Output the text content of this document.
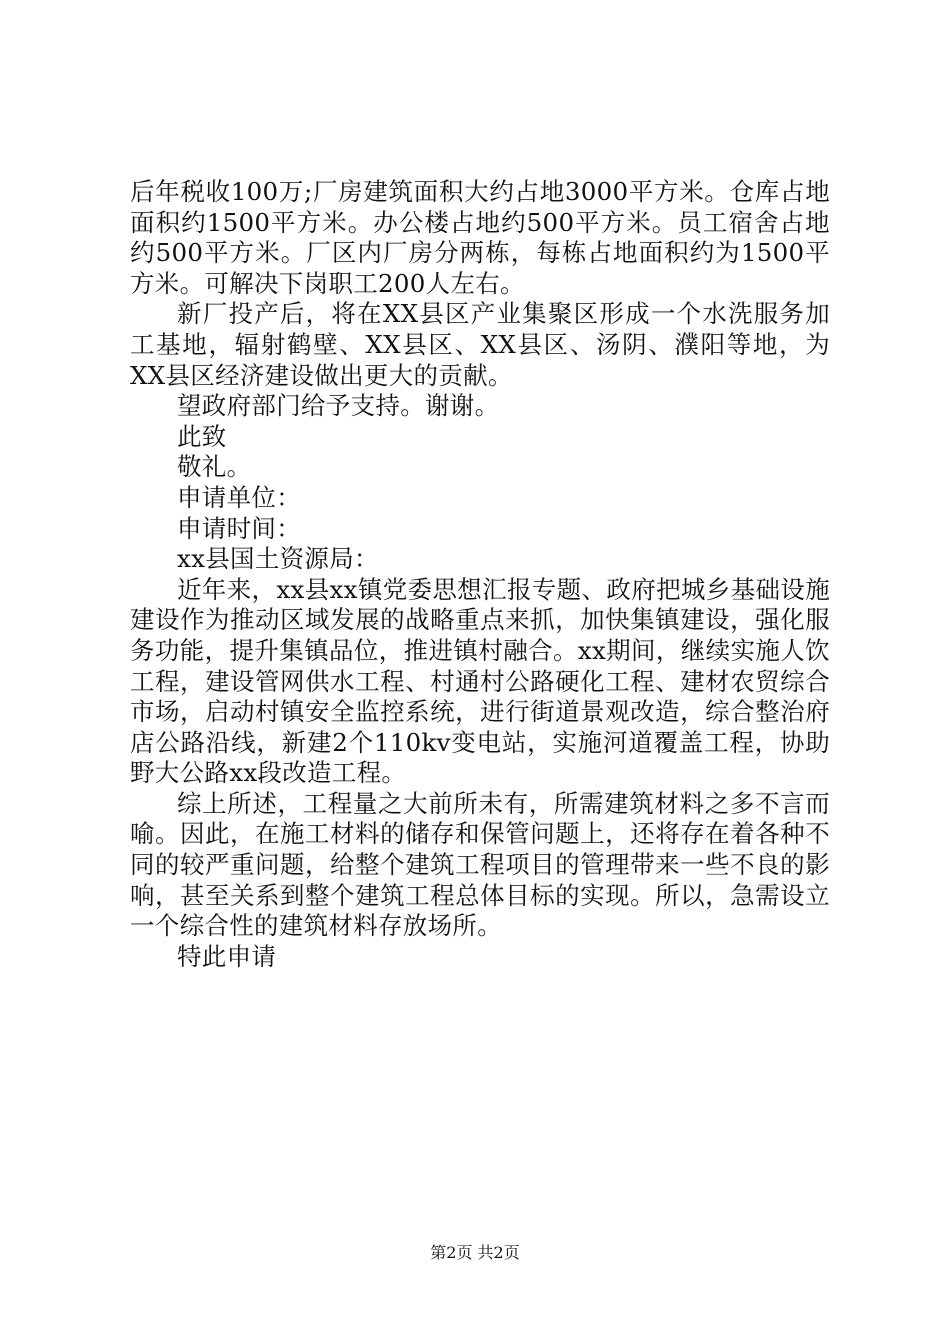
后年税收100万;厂房建筑面积大约占地3000平方米。仓库占地面积约1500平方米。办公楼占地约500平方米。员工宿舍占地约500平方米。厂区内厂房分两栋，每栋占地面积约为1500平方米。可解决下岗职工200人左右。

新厂投产后，将在XX县区产业集聚区形成一个水洗服务加工基地，辐射鹤壁、XX县区、XX县区、汤阴、濮阳等地，为XX县区经济建设做出更大的贡献。

望政府部门给予支持。谢谢。

此致

敬礼。

申请单位：

申请时间：

xx县国土资源局：

近年来，xx县xx镇党委思想汇报专题、政府把城乡基础设施建设作为推动区域发展的战略重点来抓，加快集镇建设，强化服务功能，提升集镇品位，推进镇村融合。xx期间，继续实施人饮工程，建设管网供水工程、村通村公路硬化工程、建材农贸综合市场，启动村镇安全监控系统，进行街道景观改造，综合整治府店公路沿线，新建2个110kv变电站，实施河道覆盖工程，协助野大公路xx段改造工程。

综上所述，工程量之大前所未有，所需建筑材料之多不言而喻。因此，在施工材料的储存和保管问题上，还将存在着各种不同的较严重问题，给整个建筑工程项目的管理带来一些不良的影响，甚至关系到整个建筑工程总体目标的实现。所以，急需设立一个综合性的建筑材料存放场所。

特此申请

第2页 共2页
